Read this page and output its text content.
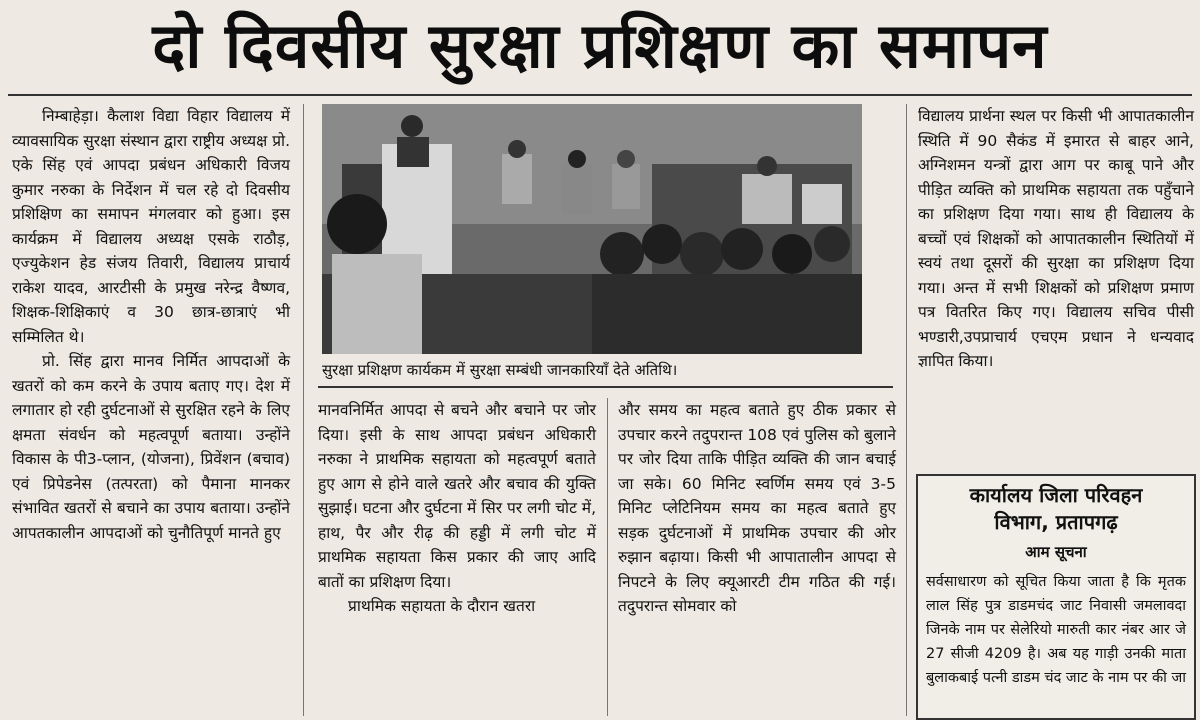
दो दिवसीय सुरक्षा प्रशिक्षण का समापन

निम्बाहेड़ा। कैलाश विद्या विहार विद्यालय में व्यावसायिक सुरक्षा संस्थान द्वारा राष्ट्रीय अध्यक्ष प्रो. एके सिंह एवं आपदा प्रबंधन अधिकारी विजय कुमार नरुका के निर्देशन में चल रहे दो दिवसीय प्रशिक्षिण का समापन मंगलवार को हुआ। इस कार्यक्रम में विद्यालय अध्यक्ष एसके राठौड़, एज्युकेशन हेड संजय तिवारी, विद्यालय प्राचार्य राकेश यादव, आरटीसी के प्रमुख नरेन्द्र वैष्णव, शिक्षक-शिक्षिकाएं व 30 छात्र-छात्राएं भी सम्मिलित थे।

प्रो. सिंह द्वारा मानव निर्मित आपदाओं के खतरों को कम करने के उपाय बताए गए। देश में लगातार हो रही दुर्घटनाओं से सुरक्षित रहने के लिए क्षमता संवर्धन को महत्वपूर्ण बताया। उन्होंने विकास के पी3-प्लान, (योजना), प्रिवेंशन (बचाव) एवं प्रिपेडनेस (तत्परता) को पैमाना मानकर संभावित खतरों से बचाने का उपाय बताया। उन्होंने आपतकालीन आपदाओं को चुनौतिपूर्ण मानते हुए

सुरक्षा प्रशिक्षण कार्यकम में सुरक्षा सम्बंधी जानकारियाँ देते अतिथि।

मानवनिर्मित आपदा से बचने और बचाने पर जोर दिया। इसी के साथ आपदा प्रबंधन अधिकारी नरुका ने प्राथमिक सहायता को महत्वपूर्ण बताते हुए आग से होने वाले खतरे और बचाव की युक्ति सुझाई। घटना और दुर्घटना में सिर पर लगी चोट में, हाथ, पैर और रीढ़ की हड्डी में लगी चोट में प्राथमिक सहायता किस प्रकार की जाए आदि बातों का प्रशिक्षण दिया।

प्राथमिक सहायता के दौरान खतरा

और समय का महत्व बताते हुए ठीक प्रकार से उपचार करने तदुपरान्त 108 एवं पुलिस को बुलाने पर जोर दिया ताकि पीड़ित व्यक्ति की जान बचाई जा सके। 60 मिनिट स्वर्णिम समय एवं 3-5 मिनिट प्लेटिनियम समय का महत्व बताते हुए सड़क दुर्घटनाओं में प्राथमिक उपचार की ओर रुझान बढ़ाया। किसी भी आपातालीन आपदा से निपटने के लिए क्यूआरटी टीम गठित की गई। तदुपरान्त सोमवार को

विद्यालय प्रार्थना स्थल पर किसी भी आपातकालीन स्थिति में 90 सैकंड में इमारत से बाहर आने, अग्निशमन यन्त्रों द्वारा आग पर काबू पाने और पीड़ित व्यक्ति को प्राथमिक सहायता तक पहुँचाने का प्रशिक्षण दिया गया। साथ ही विद्यालय के बच्चों एवं शिक्षकों को आपातकालीन स्थितियों में स्वयं तथा दूसरों की सुरक्षा का प्रशिक्षण दिया गया। अन्त में सभी शिक्षकों को प्रशिक्षण प्रमाण पत्र वितरित किए गए। विद्यालय सचिव पीसी भण्डारी,उपप्राचार्य एचएम प्रधान ने धन्यवाद ज्ञापित किया।

कार्यालय जिला परिवहन
विभाग, प्रतापगढ़
आम सूचना
सर्वसाधारण को सूचित किया जाता है कि मृतक लाल सिंह पुत्र डाडमचंद जाट निवासी जमलावदा जिनके नाम पर सेलेरियो मारुती कार नंबर आर जे 27 सीजी 4209 है। अब यह गाड़ी उनकी माता बुलाकबाई पत्नी डाडम चंद जाट के नाम पर की जा
